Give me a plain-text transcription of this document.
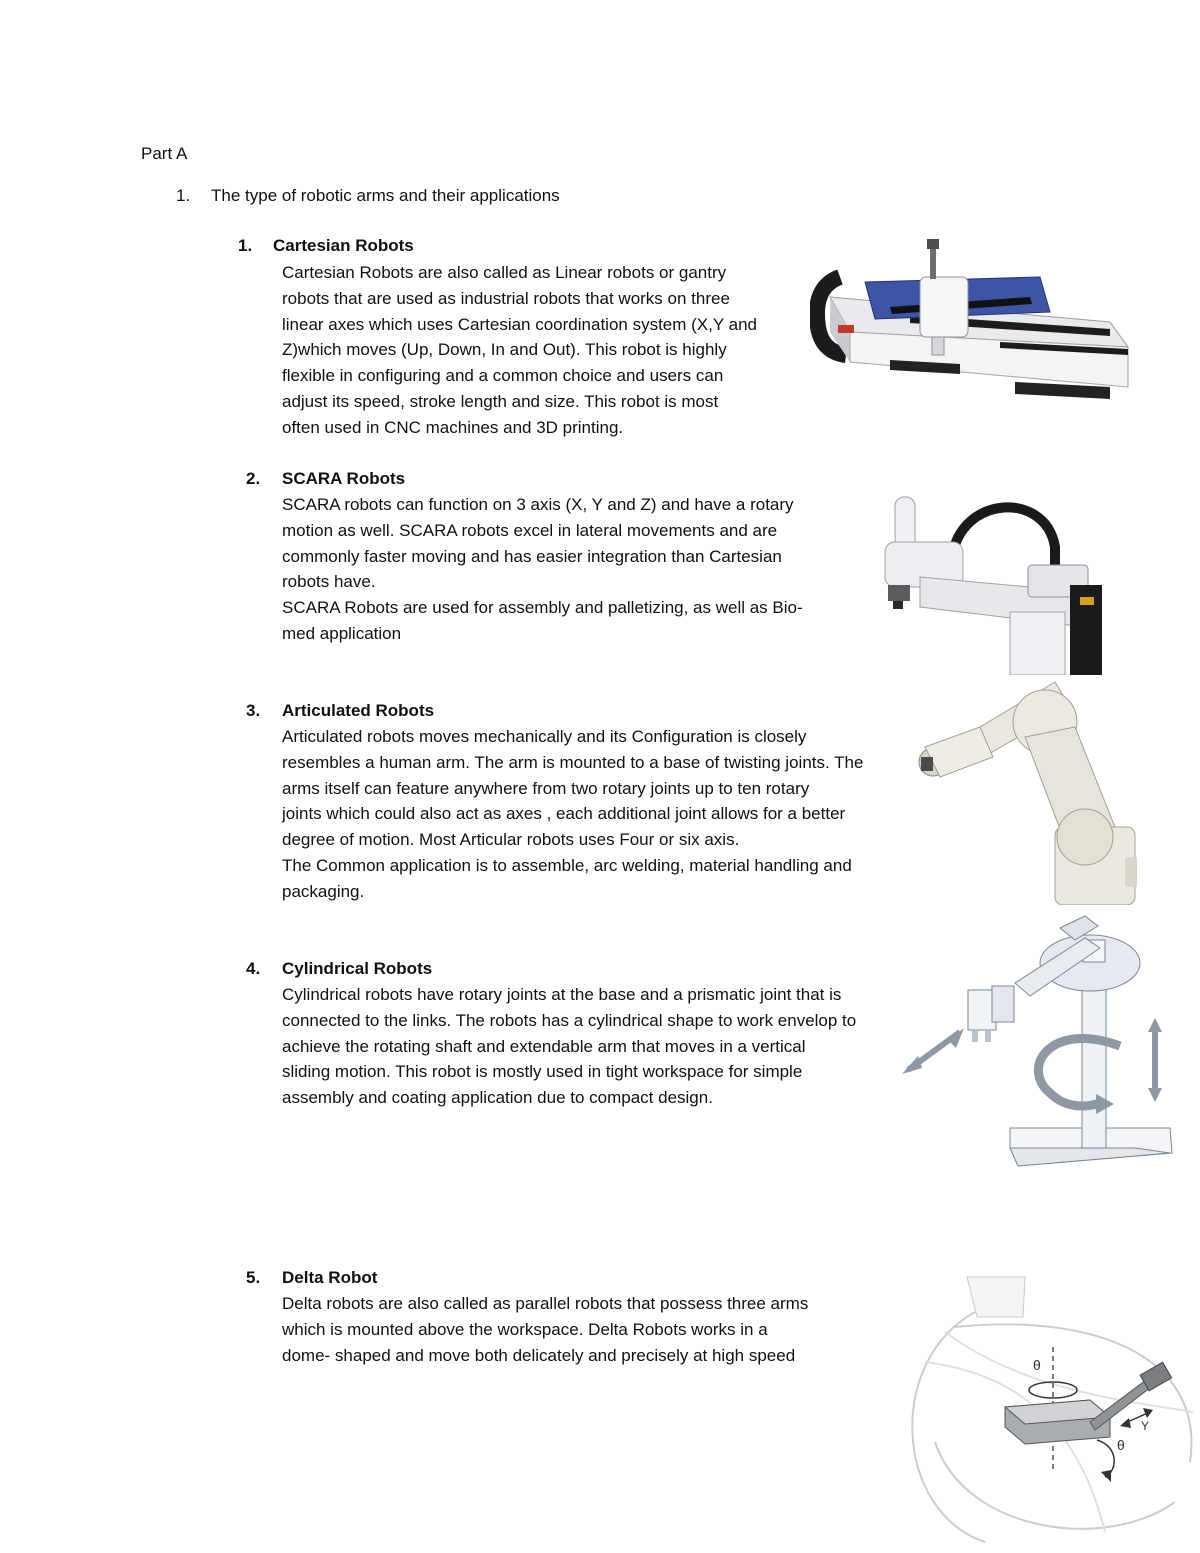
Part A
1. The type of robotic arms and their applications
1. Cartesian Robots
Cartesian Robots are also called as Linear robots or gantry
robots that are used as industrial robots that works on three
linear axes which uses Cartesian coordination system (X,Y and
Z)which moves (Up, Down, In and Out). This robot is highly
flexible in configuring and a common choice and users can
adjust its speed, stroke length and size. This robot is most
often used in CNC machines and 3D printing.
2. SCARA Robots
SCARA robots can function on 3 axis (X, Y and Z) and have a rotary
motion as well. SCARA robots excel in lateral movements and are
commonly faster moving and has easier integration than Cartesian
robots have.
SCARA Robots are used for assembly and palletizing, as well as Bio-
med application
3. Articulated Robots
Articulated robots moves mechanically and its Configuration is closely
resembles a human arm. The arm is mounted to a base of twisting joints. The
arms itself can feature anywhere from two rotary joints up to ten rotary
joints which could also act as axes , each additional joint allows for a better
degree of motion. Most Articular robots uses Four or six axis.
The Common application is to assemble, arc welding, material handling and
packaging.
4. Cylindrical Robots
Cylindrical robots have rotary joints at the base and a prismatic joint that is
connected to the links. The robots has a cylindrical shape to work envelop to
achieve the rotating shaft and extendable arm that moves in a vertical
sliding motion. This robot is mostly used in tight workspace for simple
assembly and coating application due to compact design.
5. Delta Robot
Delta robots are also called as parallel robots that possess three arms
which is mounted above the workspace. Delta Robots works in a
dome- shaped and move both delicately and precisely at high speed
θ
Y
θ
